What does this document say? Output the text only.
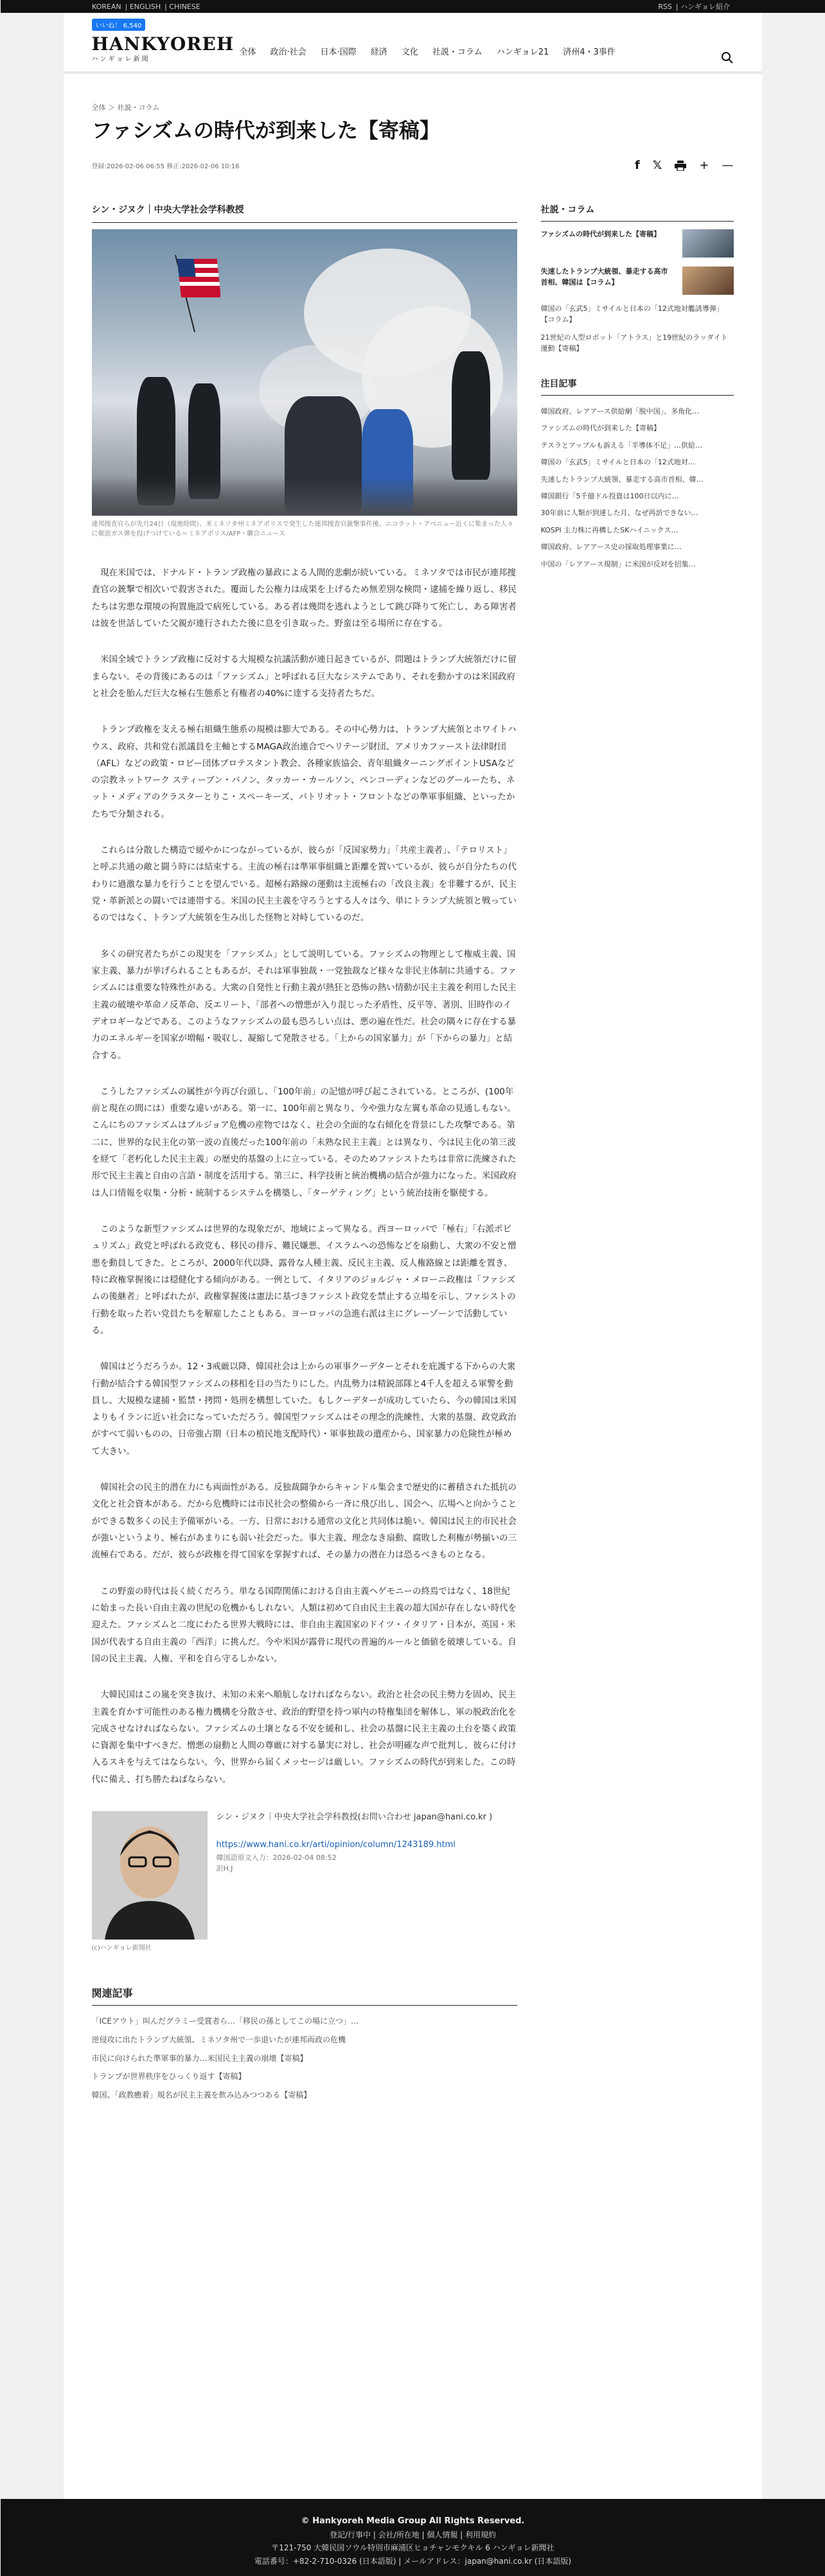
KOREAN | ENGLISH | CHINESE	RSS | ハンギョレ紹介
いいね！ 6,540
HANKYOREH
ハンギョレ新聞
全体 政治·社会 日本·国際 経済 文化 社説・コラム ハンギョレ21 済州4・3事件
全体 ＞ 社説・コラム
ファシズムの時代が到来した【寄稿】
登録:2026-02-06 06:55 修正:2026-02-06 10:16	f 𝕏	+ —
シン・ジヌク｜中央大学社会学科教授
連邦捜査官らが先月24日（現地時間）、米ミネソタ州ミネアポリスで発生した連邦捜査官銃撃事件後、ニコラット・アベニュー近くに集まった人々に催涙ガス弾を投げつけている＝ミネアポリス/AFP・聯合ニュース

現在米国では、ドナルド・トランプ政権の暴政による人間的悲劇が続いている。ミネソタでは市民が連邦捜査官の銃撃で相次いで殺害された。覆面した公権力は成果を上げるため無差別な検問・逮捕を繰り返し、移民たちは劣悪な環境の拘置施設で病死している。ある者は幾問を逃れようとして跳び降りて死亡し、ある障害者は彼を世話していた父親が連行されたた後に息を引き取った。野蛮は至る場所に存在する。

米国全域でトランプ政権に反対する大規模な抗議活動が連日起きているが、問題はトランプ大統領だけに留まらない。その背後にあるのは「ファシズム」と呼ばれる巨大なシステムであり、それを動かすのは米国政府と社会を胎んだ巨大な極右生態系と有権者の40%に達する支持者たちだ。

トランプ政権を支える極右組織生態系の規模は膨大である。その中心勢力は、トランプ大統領とホワイトハウス、政府、共和党右派議員を主軸とするMAGA政治連合でヘリテージ財団、アメリカファースト法律財団（AFL）などの政策・ロビー団体ブロテスタント教会、各種家族協会、青年組織ターニングポイントUSAなどの宗教ネットワーク スティーブン・バノン、タッカー・カールソン、ペンコーディンなどのグールーたち、ネット・メディアのクラスターとりこ・スペーキーズ、パトリオット・フロントなどの準軍事組織、といったかたちで分類される。

これらは分散した構造で緩やかにつながっているが、彼らが「反国家勢力」「共産主義者」、「テロリスト」と呼ぶ共通の敵と闘う時には結束する。主流の極右は準軍事組織と距離を置いているが、彼らが自分たちの代わりに過激な暴力を行うことを望んでいる。超極右路線の運動は主流極右の「改良主義」を非難するが、民主党・革新派との闘いでは連帯する。米国の民主主義を守ろうとする人々は今、単にトランプ大統領と戦っているのではなく、トランプ大統領を生み出した怪物と対峙しているのだ。

多くの研究者たちがこの現実を「ファシズム」として説明している。ファシズムの物理として権威主義、国家主義、暴力が挙げられることもあるが、それは軍事独裁・一党独裁など様々な非民主体制に共通する。ファシズムには重要な特殊性がある。大衆の自発性と行動主義が熱狂と恐怖の熱い情動が民主主義を利用した民主主義の破壊や革命ノ反革命、反エリート、「部者への憎悪が入り混じった矛盾性、反平等、著別、旧時作のイデオロギーなどである。このようなファシズムの最も恐ろしい点は、悪の遍在性だ。社会の隅々に存在する暴力のエネルギーを国家が増幅・吸収し、凝縮して発散させる。「上からの国家暴力」が「下からの暴力」と結合する。

こうしたファシズムの属性が今再び台頭し、「100年前」の記憶が呼び起こされている。ところが、(100年前と現在の間には）重要な違いがある。第一に、100年前と異なり、今や強力な左翼も革命の見通しもない。こんにちのファシズムはブルジョア危機の産物ではなく、社会の全面的な右傾化を背景にした攻撃である。第二に、世界的な民主化の第一波の直後だった100年前の「未熟な民主主義」とは異なり、今は民主化の第三波を経て「老朽化した民主主義」の歴史的基盤の上に立っている。そのためファシストたちは非常に洗練された形で民主主義と自由の言語・制度を活用する。第三に、科学技術と統治機構の結合が強力になった。米国政府は人口情報を収集・分析・統制するシステムを構築し、「ターゲティング」という統治技術を駆使する。

このような新型ファシズムは世界的な現象だが、地域によって異なる。西ヨーロッパで「極右」「右派ポピュリズム」政党と呼ばれる政党も、移民の排斥、難民嫌悪、イスラムへの恐怖などを扇動し、大衆の不安と憎悪を動員してきた。ところが、2000年代以降、露骨な人種主義、反民主主義、反人権路線とは距離を置き、特に政権掌握後には穏健化する傾向がある。一例として、イタリアのジョルジャ・メローニ政権は「ファシズムの後継者」と呼ばれたが、政権掌握後は憲法に基づきファシスト政党を禁止する立場を示し、ファシストの行動を取った若い党員たちを解雇したこともある。ヨーロッパの急進右派は主にグレーゾーンで活動している。

韓国はどうだろうか。12・3戒厳以降、韓国社会は上からの軍事クーデターとそれを庇護する下からの大衆行動が結合する韓国型ファシズムの移相を目の当たりにした。内乱勢力は精鋭部隊と4千人を超える軍警を動員し、大規模な逮捕・監禁・拷問・処刑を構想していた。もしクーデターが成功していたら、今の韓国は米国よりもイランに近い社会になっていただろう。韓国型ファシズムはその理念的洗練性、大衆的基盤、政党政治がすべて弱いものの、日帝強占期（日本の植民地支配時代）・軍事独裁の遺産から、国家暴力の危険性が極めて大きい。

韓国社会の民主的潜在力にも両面性がある。反独裁闘争からキャンドル集会まで歴史的に蓄積された抵抗の文化と社会資本がある。だから危機時には市民社会の整備から一斉に飛び出し、国会へ、広場へと向かうことができる数多くの民主予備軍がいる。一方、日常における通常の文化と共同体は脆い。韓国は民主的市民社会が強いというより、極右があまりにも弱い社会だった。事大主義、理念なき扇動、腐敗した利権が勢揃いの三流極右である。だが、彼らが政権を得て国家を掌握すれば、その暴力の潜在力は恐るべきものとなる。

この野蛮の時代は長く続くだろう。単なる国際関係における自由主義ヘゲモニーの終焉ではなく、18世紀に始まった長い自由主義の世紀の危機かもしれない。人類は初めて自由民主主義の超大国が存在しない時代を迎えた。ファシズムと二度にわたる世界大戦時には、非自由主義国家のドイツ・イタリア・日本が、英国・米国が代表する自由主義の「西洋」に挑んだ。今や米国が露骨に現代の普遍的ルールと価値を破壊している。自国の民主主義、人権、平和を自ら守るしかない。

大韓民国はこの嵐を突き抜け、未知の未来へ順航しなければならない。政治と社会の民主勢力を固め、民主主義を育かす可能性のある権力機構を分散させ、政治的野望を持つ軍内の特権集団を解体し、軍の脱政治化を完成させなければならない。ファシズムの土壌となる不安を緩和し、社会の基盤に民主主義の土台を築く政策に資源を集中すべきだ。憎悪の扇動と人間の尊厳に対する暴実に対し、社会が明確な声で批判し、彼らに付け入るスキを与えてはならない。今、世界から届くメッセージは厳しい。ファシズムの時代が到来した。この時代に備え、打ち勝たねばならない。

シン・ジヌク｜中央大学社会学科教授(お問い合わせ japan@hani.co.kr )
https://www.hani.co.kr/arti/opinion/column/1243189.html
韓国語原文入力：2026-02-04 08:52
訳H.J
(c)ハンギョレ新聞社
関連記事
「ICEアウト」叫んだグラミー受賞者ら…「移民の孫としてこの場に立つ」…
逆侵攻に出たトランプ大統領、ミネソタ州で一歩退いたが連邦両政の危機
市民に向けられた準軍事的暴力…米国民主主義の崩壊【寄稿】
トランプが世界秩序をひっくり返す【寄稿】
韓国、「政教癒着」規名が民主主義を飲み込みつつある【寄稿】
社説・コラム
ファシズムの時代が到来した【寄稿】
失速したトランプ大統領、暴走する高市首相、韓国は【コラム】
韓国の「玄武5」ミサイルと日本の「12式地対艦誘導弾」【コラム】
21世紀の人型ロボット「アトラス」と19世紀のラッダイト運動【寄稿】
注目記事
韓国政府、レアアース供給網「脱中国」、多角化…
ファシズムの時代が到来した【寄稿】
テスラとアップルも訴える「半導体不足」…供給…
韓国の「玄武5」ミサイルと日本の「12式地対…
失速したトランプ大統領、暴走する高市首相、韓…
韓国銀行「5千億ドル投資は100日以内に…
30年前に人類が到達した月、なぜ再訪できない…
KOSPI 主力株に再構したSKハイニックス…
韓国政府、レアアース史の採取処理事業に…
中国の「レアアース規制」に米国が反対を招集…
© Hankyoreh Media Group All Rights Reserved.
登記/行事中 | 会社/所在地 | 個人情報 | 利用規約
〒121-750 大韓民国ソウル特別市麻浦区ヒョチャンモクキル 6 ハンギョレ新聞社
電話番号：+82-2-710-0326 (日本語版) | メールアドレス：japan@hani.co.kr (日本語版)
